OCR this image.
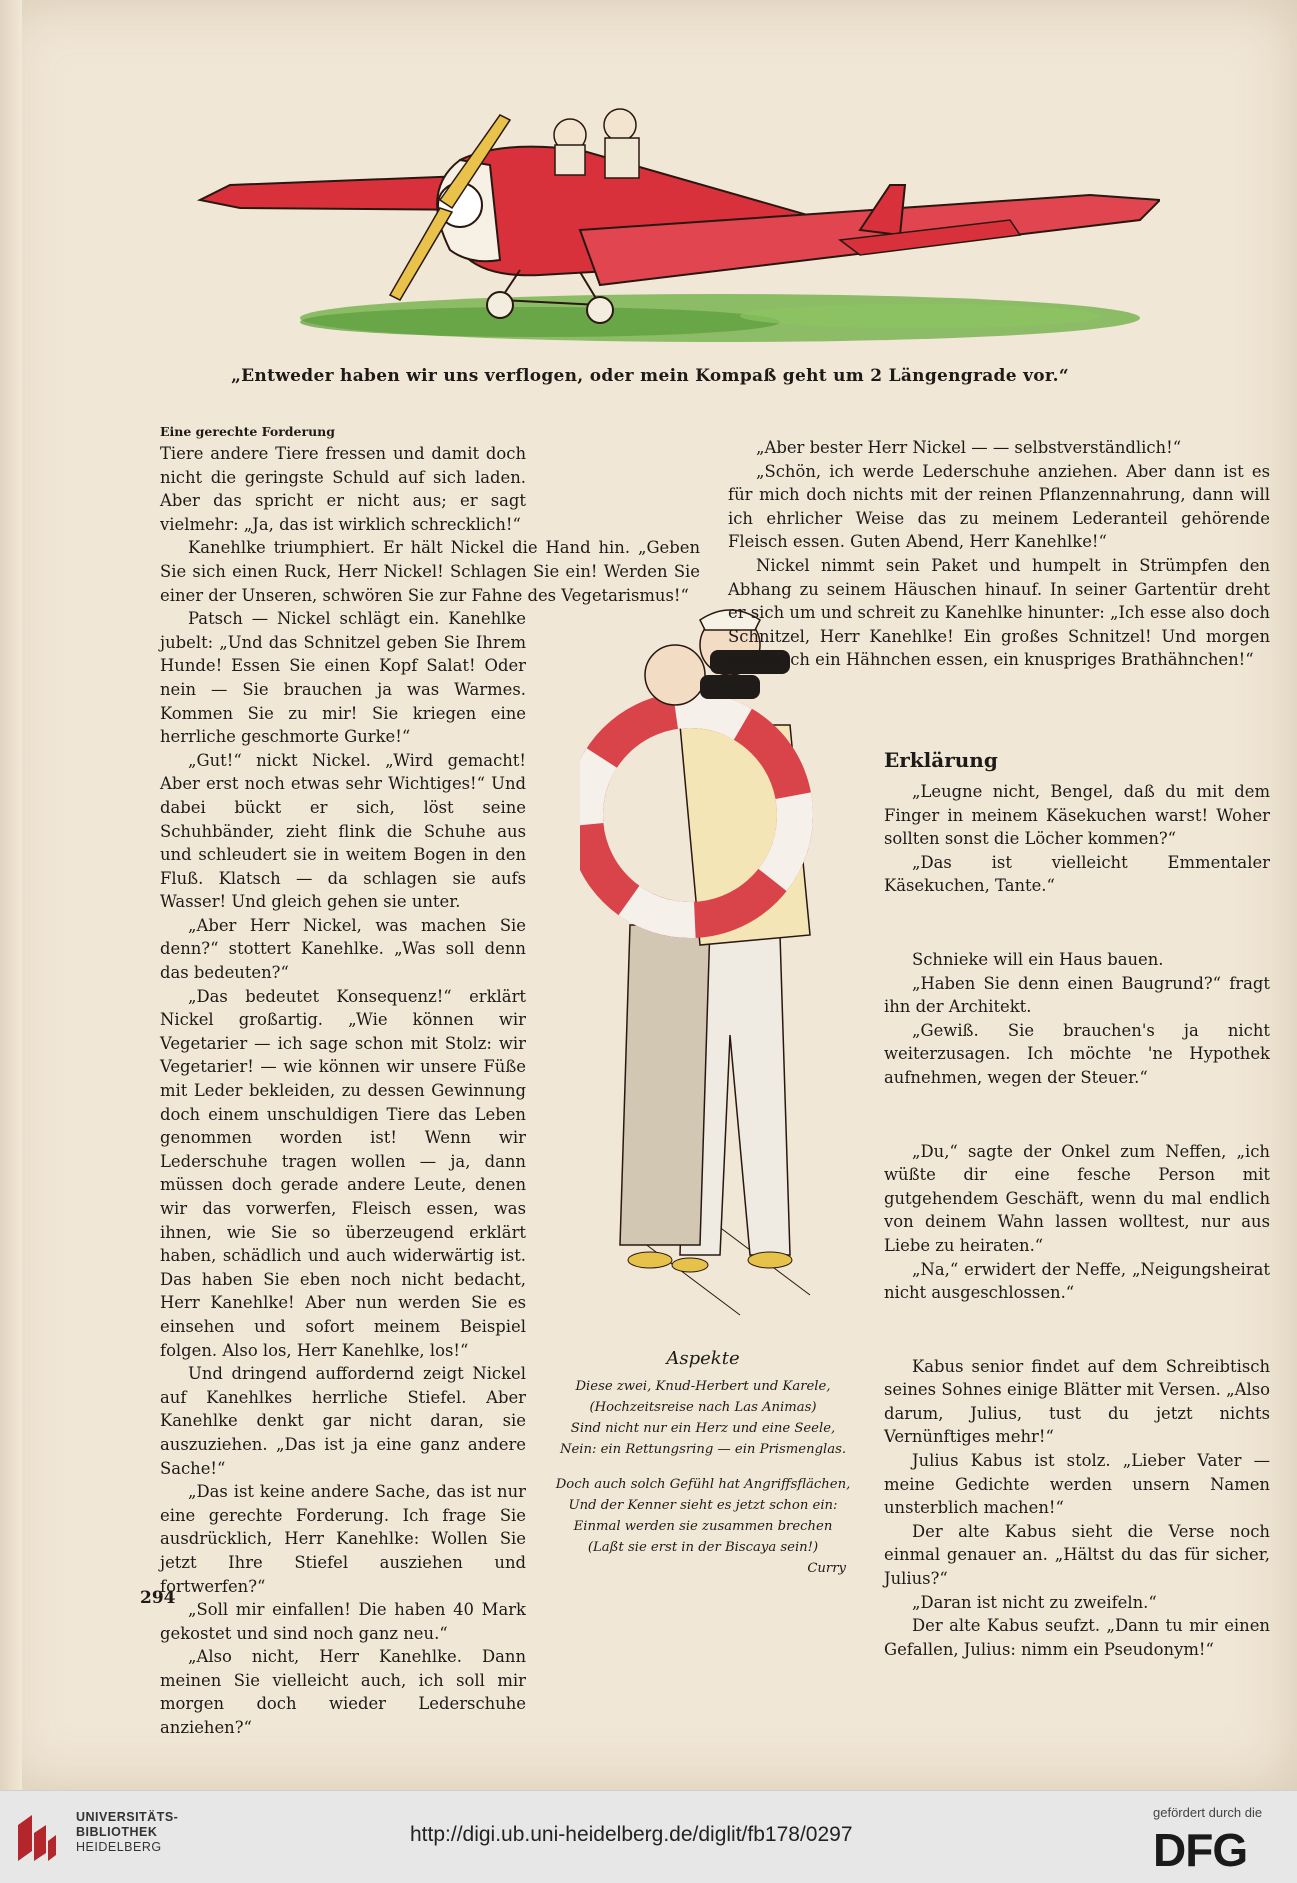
„Entweder haben wir uns verflogen, oder mein Kompaß geht um 2 Längengrade vor.“
Eine gerechte Forderung

Tiere andere Tiere fressen und damit doch nicht die geringste Schuld auf sich laden. Aber das spricht er nicht aus; er sagt vielmehr: „Ja, das ist wirklich schrecklich!“

Kanehlke triumphiert. Er hält Nickel die Hand hin. „Geben Sie sich einen Ruck, Herr Nickel! Schlagen Sie ein! Werden Sie einer der Unseren, schwören Sie zur Fahne des Vegetarismus!“

Patsch — Nickel schlägt ein. Kanehlke jubelt: „Und das Schnitzel geben Sie Ihrem Hunde! Essen Sie einen Kopf Salat! Oder nein — Sie brauchen ja was Warmes. Kommen Sie zu mir! Sie kriegen eine herrliche geschmorte Gurke!“

„Gut!“ nickt Nickel. „Wird gemacht! Aber erst noch etwas sehr Wichtiges!“ Und dabei bückt er sich, löst seine Schuhbänder, zieht flink die Schuhe aus und schleudert sie in weitem Bogen in den Fluß. Klatsch — da schlagen sie aufs Wasser! Und gleich gehen sie unter.

„Aber Herr Nickel, was machen Sie denn?“ stottert Kanehlke. „Was soll denn das bedeuten?“

„Das bedeutet Konsequenz!“ erklärt Nickel großartig. „Wie können wir Vegetarier — ich sage schon mit Stolz: wir Vegetarier! — wie können wir unsere Füße mit Leder bekleiden, zu dessen Gewinnung doch einem unschuldigen Tiere das Leben genommen worden ist! Wenn wir Lederschuhe tragen wollen — ja, dann müssen doch gerade andere Leute, denen wir das vorwerfen, Fleisch essen, was ihnen, wie Sie so überzeugend erklärt haben, schädlich und auch widerwärtig ist. Das haben Sie eben noch nicht bedacht, Herr Kanehlke! Aber nun werden Sie es einsehen und sofort meinem Beispiel folgen. Also los, Herr Kanehlke, los!“

Und dringend auffordernd zeigt Nickel auf Kanehlkes herrliche Stiefel. Aber Kanehlke denkt gar nicht daran, sie auszuziehen. „Das ist ja eine ganz andere Sache!“

„Das ist keine andere Sache, das ist nur eine gerechte Forderung. Ich frage Sie ausdrücklich, Herr Kanehlke: Wollen Sie jetzt Ihre Stiefel ausziehen und fortwerfen?“

„Soll mir einfallen! Die haben 40 Mark gekostet und sind noch ganz neu.“

„Also nicht, Herr Kanehlke. Dann meinen Sie vielleicht auch, ich soll mir morgen doch wieder Lederschuhe anziehen?“

„Aber bester Herr Nickel — — selbstverständlich!“

„Schön, ich werde Lederschuhe anziehen. Aber dann ist es für mich doch nichts mit der reinen Pflanzennahrung, dann will ich ehrlicher Weise das zu meinem Lederanteil gehörende Fleisch essen. Guten Abend, Herr Kanehlke!“

Nickel nimmt sein Paket und humpelt in Strümpfen den Abhang zu seinem Häuschen hinauf. In seiner Gartentür dreht er sich um und schreit zu Kanehlke hinunter: „Ich esse also doch Schnitzel, Herr Kanehlke! Ein großes Schnitzel! Und morgen werde ich ein Hähnchen essen, ein knuspriges Brathähnchen!“

Erklärung

„Leugne nicht, Bengel, daß du mit dem Finger in meinem Käsekuchen warst! Woher sollten sonst die Löcher kommen?“

„Das ist vielleicht Emmentaler Käsekuchen, Tante.“

Schnieke will ein Haus bauen.

„Haben Sie denn einen Baugrund?“ fragt ihn der Architekt.

„Gewiß. Sie brauchen's ja nicht weiterzusagen. Ich möchte 'ne Hypothek aufnehmen, wegen der Steuer.“

„Du,“ sagte der Onkel zum Neffen, „ich wüßte dir eine fesche Person mit gutgehendem Geschäft, wenn du mal endlich von deinem Wahn lassen wolltest, nur aus Liebe zu heiraten.“

„Na,“ erwidert der Neffe, „Neigungsheirat nicht ausgeschlossen.“

Kabus senior findet auf dem Schreibtisch seines Sohnes einige Blätter mit Versen. „Also darum, Julius, tust du jetzt nichts Vernünftiges mehr!“

Julius Kabus ist stolz. „Lieber Vater — meine Gedichte werden unsern Namen unsterblich machen!“

Der alte Kabus sieht die Verse noch einmal genauer an. „Hältst du das für sicher, Julius?“

„Daran ist nicht zu zweifeln.“

Der alte Kabus seufzt. „Dann tu mir einen Gefallen, Julius: nimm ein Pseudonym!“

Aspekte
Diese zwei, Knud-Herbert und Karele,
(Hochzeitsreise nach Las Animas)
Sind nicht nur ein Herz und eine Seele,
Nein: ein Rettungsring — ein Prismenglas.
Doch auch solch Gefühl hat Angriffsflächen,
Und der Kenner sieht es jetzt schon ein:
Einmal werden sie zusammen brechen
(Laßt sie erst in der Biscaya sein!)
Curry
294
UNIVERSITÄTS-
BIBLIOTHEK
HEIDELBERG
http://digi.ub.uni-heidelberg.de/diglit/fb178/0297
gefördert durch die
DFG
